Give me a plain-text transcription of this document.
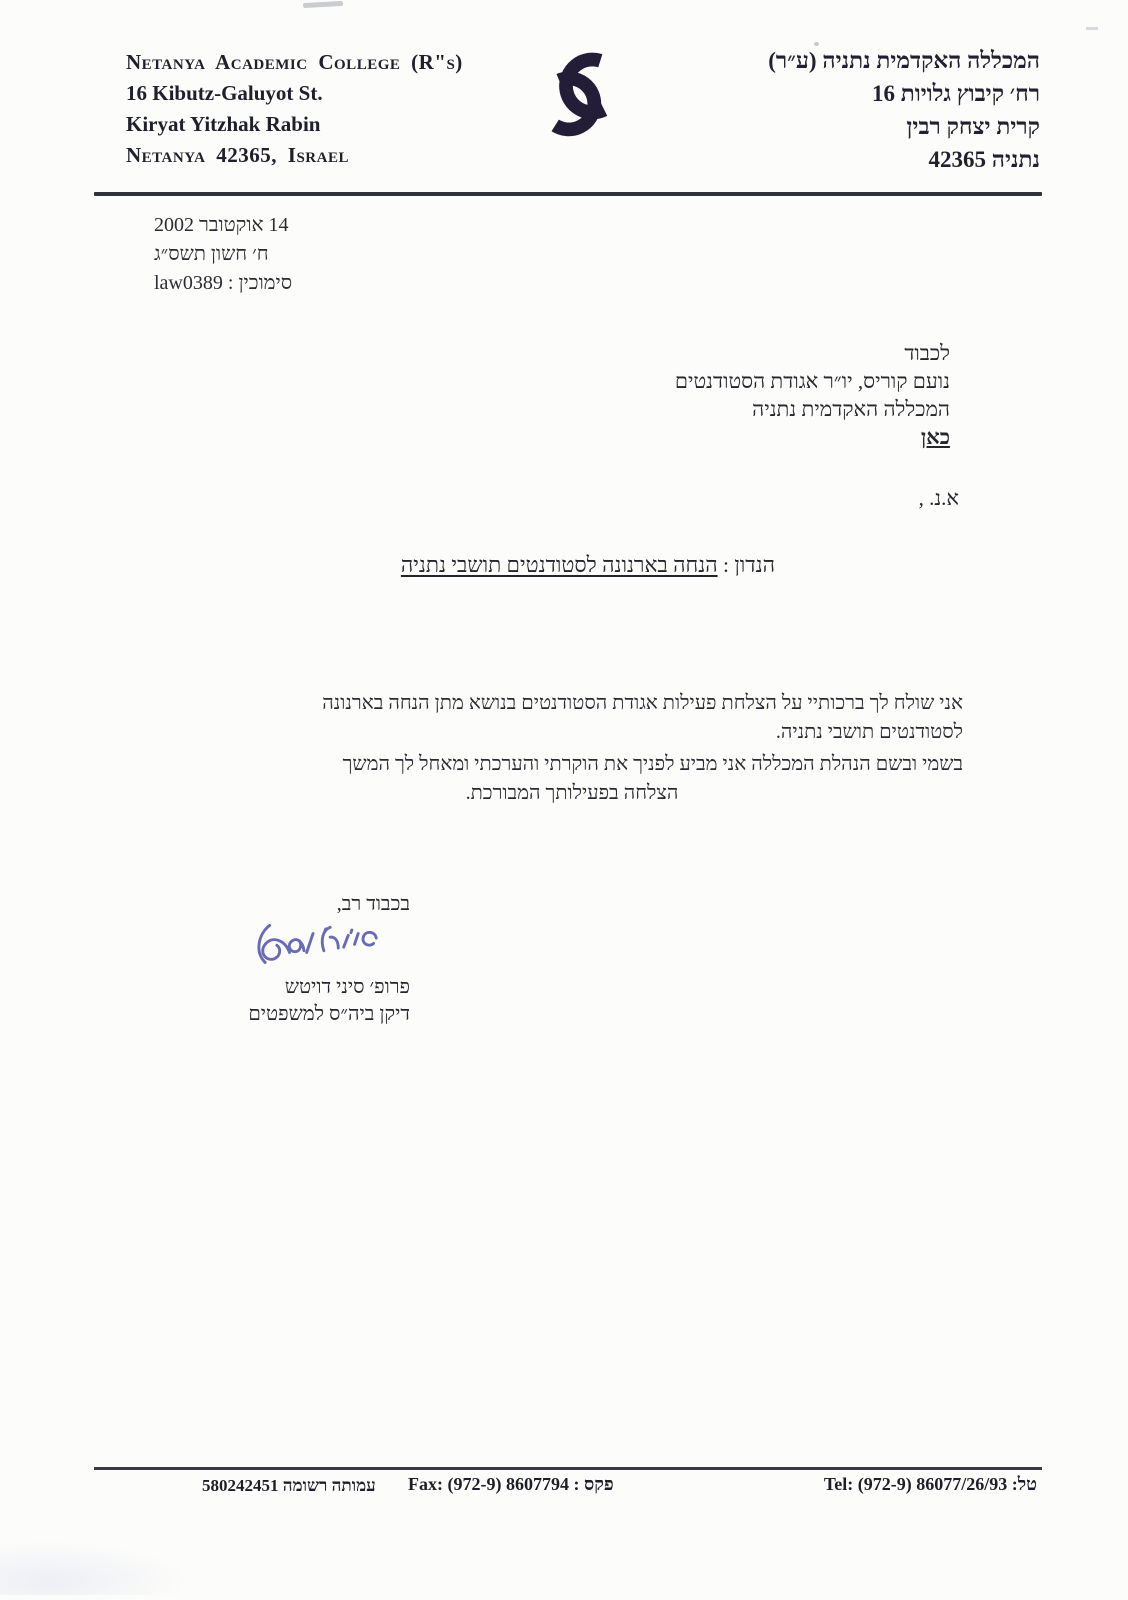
Netanya Academic College (R"s)
16 Kibutz-Galuyot St.
Kiryat Yitzhak Rabin
Netanya 42365, Israel
המכללה האקדמית נתניה (ע״ר)
רח׳ קיבוץ גלויות 16
קרית יצחק רבין
נתניה 42365
14 אוקטובר 2002
ח׳ חשון תשס״ג
סימוכין : law0389
לכבוד
נועם קוריס, יו״ר אגודת הסטודנטים
המכללה האקדמית נתניה
כאן
א.נ. ,
הנדון : הנחה בארנונה לסטודנטים תושבי נתניה
אני שולח לך ברכותיי על הצלחת פעילות אגודת הסטודנטים בנושא מתן הנחה בארנונה
לסטודנטים תושבי נתניה.
בשמי ובשם הנהלת המכללה אני מביע לפניך את הוקרתי והערכתי ומאחל לך המשך
הצלחה בפעילותך המבורכת.
בכבוד רב,
פרופ׳ סיני דויטש
דיקן ביה״ס למשפטים
טל: Tel: (972-9) 86077/26/93
פקס : Fax: (972-9) 8607794
עמותה רשומה 580242451
